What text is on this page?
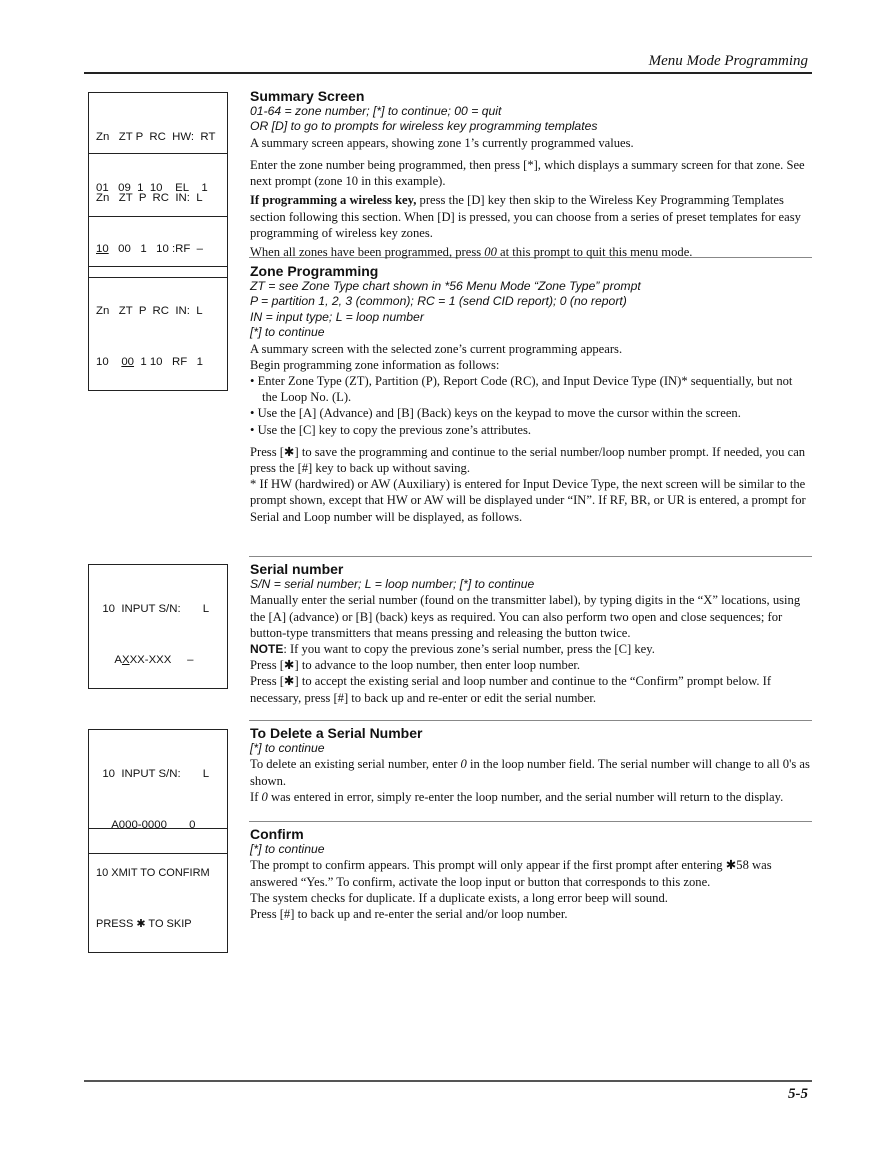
Menu Mode Programming

Zn   ZT P  RC  HW:  RT

01   09  1  10    EL    1

Zn   ZT  P  RC  IN:  L

10   00   1   10 :RF  –

Zn   ZT  P  RC  IN:  L

10    00  1 10   RF   1

10  INPUT S/N:       L

AXXX-XXX     –

10  INPUT S/N:       L

A000-0000       0

10 XMIT TO CONFIRM

PRESS ✱ TO SKIP

Summary Screen
01-64 = zone number; [*] to continue; 00 = quit
OR [D] to go to prompts for wireless key programming templates

A summary screen appears, showing zone 1’s currently programmed values.

Enter the zone number being programmed, then press [*], which displays a summary screen for that zone. See next prompt (zone 10 in this example).

If programming a wireless key, press the [D] key then skip to the Wireless Key Programming Templates section following this section. When [D] is pressed, you can choose from a series of preset templates for easy programming of wireless key zones.

When all zones have been programmed, press 00 at this prompt to quit this menu mode.

Zone Programming
ZT = see Zone Type chart shown in *56 Menu Mode “Zone Type” prompt
P = partition 1, 2, 3 (common); RC = 1 (send CID report); 0 (no report)
IN = input type; L = loop number
[*] to continue

A summary screen with the selected zone’s current programming appears.

Begin programming zone information as follows:

• Enter Zone Type (ZT), Partition (P), Report Code (RC), and Input Device Type (IN)* sequentially, but not the Loop No. (L).
• Use the [A] (Advance) and [B] (Back) keys on the keypad to move the cursor within the screen.
• Use the [C] key to copy the previous zone’s attributes.

Press [✱] to save the programming and continue to the serial number/loop number prompt. If needed, you can press the [#] key to back up without saving.

* If HW (hardwired) or AW (Auxiliary) is entered for Input Device Type, the next screen will be similar to the prompt shown, except that HW or AW will be displayed under “IN”. If RF, BR, or UR is entered, a prompt for Serial and Loop number will be displayed, as follows.

Serial number
S/N = serial number; L = loop number; [*] to continue

Manually enter the serial number (found on the transmitter label), by typing digits in the “X” locations, using the [A] (advance) or [B] (back) keys as required. You can also perform two open and close sequences; for button-type transmitters that means pressing and releasing the button twice.

NOTE: If you want to copy the previous zone’s serial number, press the [C] key.

Press [✱] to advance to the loop number, then enter loop number.

Press [✱] to accept the existing serial and loop number and continue to the “Confirm” prompt below. If necessary, press [#] to back up and re-enter or edit the serial number.

To Delete a Serial Number
[*] to continue

To delete an existing serial number, enter 0 in the loop number field. The serial number will change to all 0's as shown.

If 0 was entered in error, simply re-enter the loop number, and the serial number will return to the display.

Confirm
[*] to continue

The prompt to confirm appears. This prompt will only appear if the first prompt after entering ✱58 was answered “Yes.” To confirm, activate the loop input or button that corresponds to this zone.

The system checks for duplicate. If a duplicate exists, a long error beep will sound.

Press [#] to back up and re-enter the serial and/or loop number.

5-5
